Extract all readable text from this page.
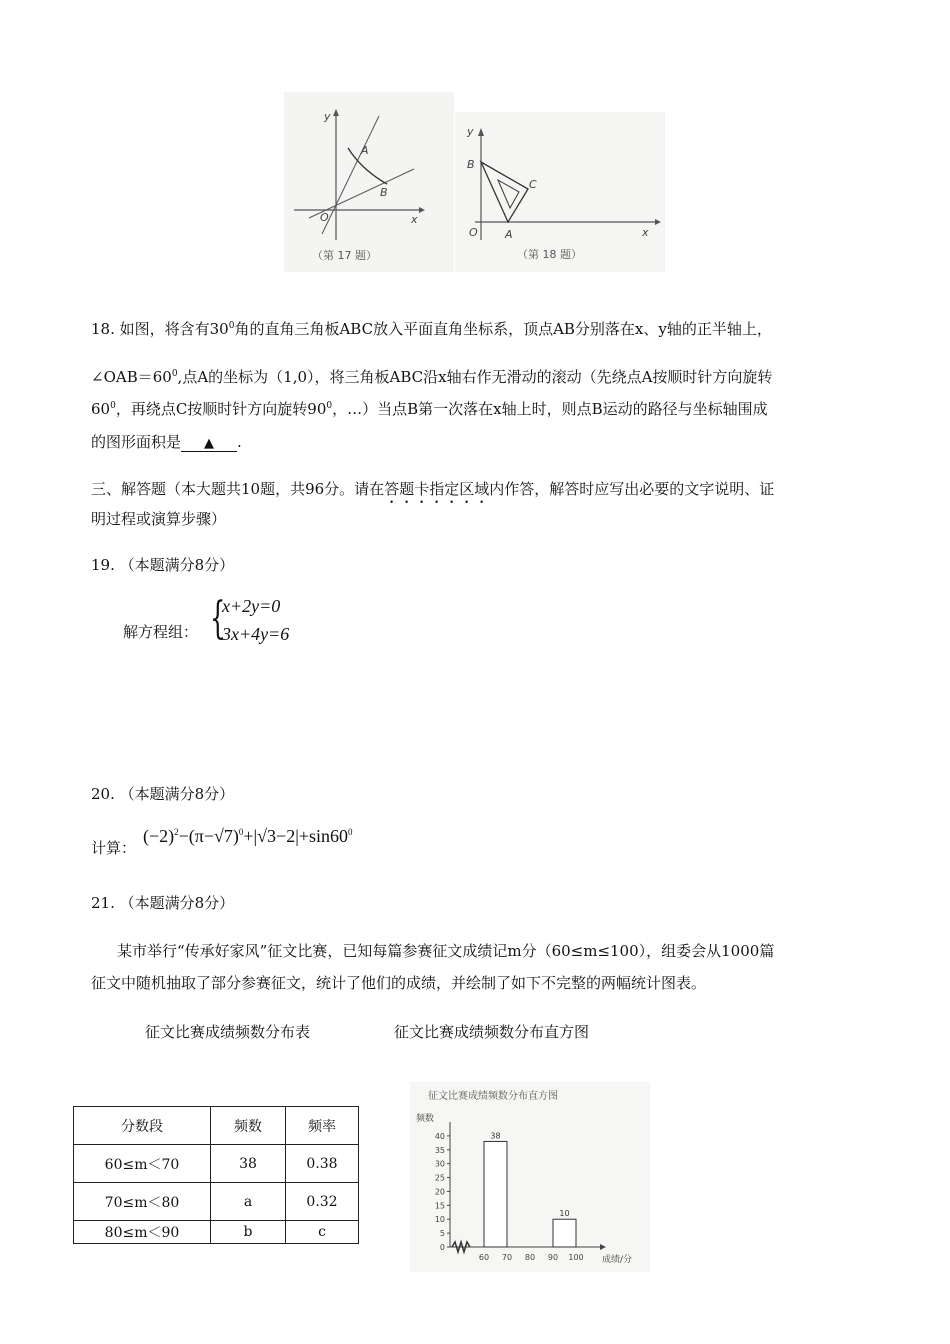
y
x
O
A
B
（第 17 题）
y
x
O A
B
C
（第 18 题）
18. 如图，将含有$30^0$角的直角三角板ABC放入平面直角坐标系，顶点AB分别落在x、y轴的正半轴上，
$\angle OAB=60^0$,点A的坐标为（1,0），将三角板ABC沿x轴右作无滑动的滚动（先绕点A按顺时针方向旋转
$60^0$，再绕点C按顺时针方向旋转$90^0$，…）当点B第一次落在x轴上时，则点B运动的路径与坐标轴围成
的图形面积是 ▲ .
三、解答题（本大题共10题，共96分。请在答题卡指定区域内作答，解答时应写出必要的文字说明、证
明过程或演算步骤）
19. （本题满分8分）
解方程组： {
x+2y=0
3x+4y=6
20. （本题满分8分）
计算：
$(-2)^2-(\pi-√7)^0+|√3-2|+\sin 60^0$
21. （本题满分8分）
某市举行“传承好家风”征文比赛，已知每篇参赛征文成绩记m分（60≤m≤100），组委会从1000篇
征文中随机抽取了部分参赛征文，统计了他们的成绩，并绘制了如下不完整的两幅统计图表。
征文比赛成绩频数分布表	征文比赛成绩频数分布直方图
分数段	频数	频率
60≤m＜70	38	0.38
70≤m＜80	a	0.32
80≤m＜90	b	c
征文比赛成绩频数分布直方图
频数
成绩/分
0
5
10
15
20
25
30
35
40
60 70 80 90 100
38
10
